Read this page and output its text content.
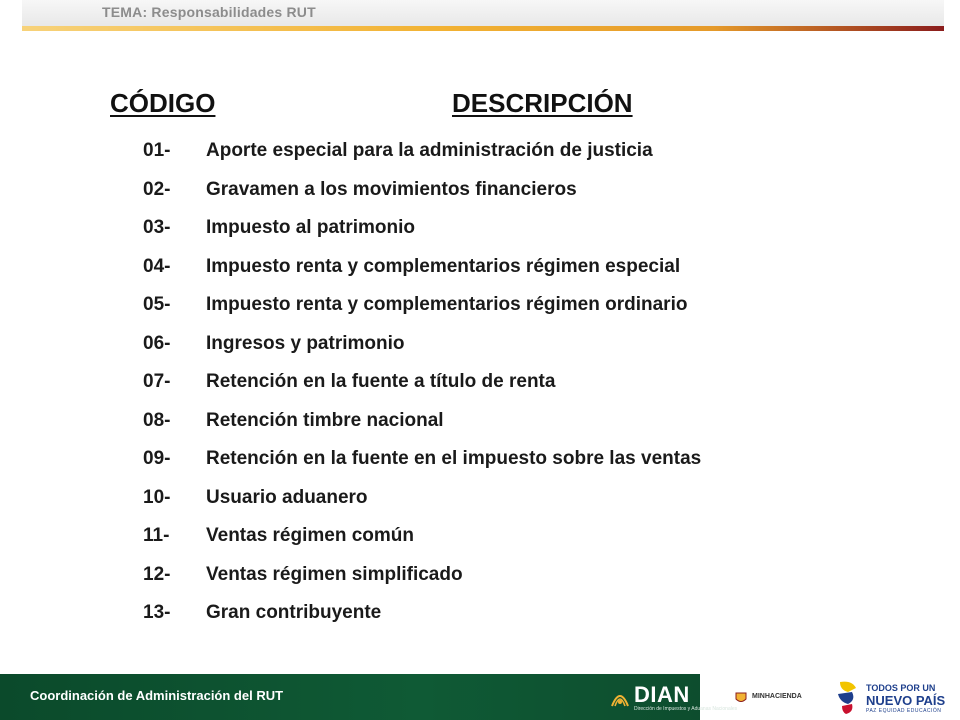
TEMA: Responsabilidades RUT
CÓDIGO	DESCRIPCIÓN
01- Aporte especial para la administración de justicia
02- Gravamen a los movimientos financieros
03- Impuesto al patrimonio
04- Impuesto renta y complementarios régimen especial
05- Impuesto renta y complementarios régimen ordinario
06- Ingresos y patrimonio
07- Retención en la fuente a título de renta
08- Retención timbre nacional
09- Retención en la fuente en el impuesto sobre las ventas
10- Usuario aduanero
11- Ventas régimen común
12- Ventas régimen simplificado
13- Gran contribuyente
Coordinación de Administración del RUT	DIAN
Dirección de Impuestos y Aduanas Nacionales
MINHACIENDA
TODOS POR UN
NUEVO PAÍS
PAZ EQUIDAD EDUCACIÓN
